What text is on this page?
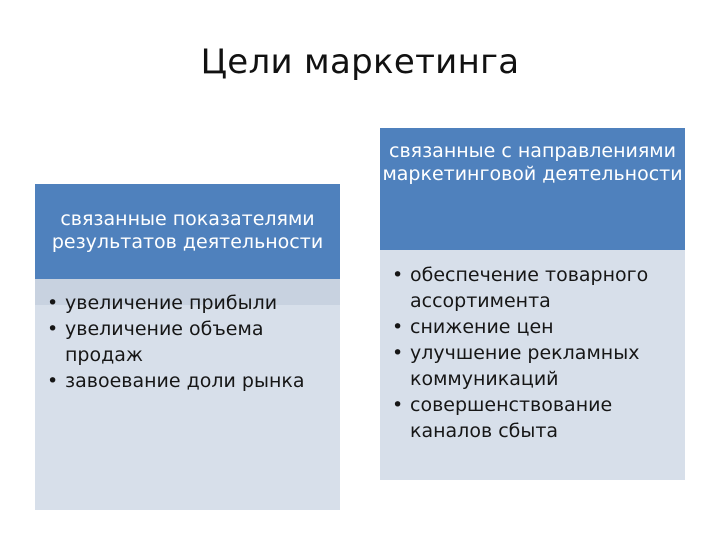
Цели маркетинга
связанные показателями результатов деятельности
• увеличение прибыли
• увеличение объема продаж
• завоевание доли рынка
связанные с направлениями маркетинговой деятельности
• обеспечение товарного ассортимента
• снижение цен
• улучшение рекламных коммуникаций
• совершенствование каналов сбыта
